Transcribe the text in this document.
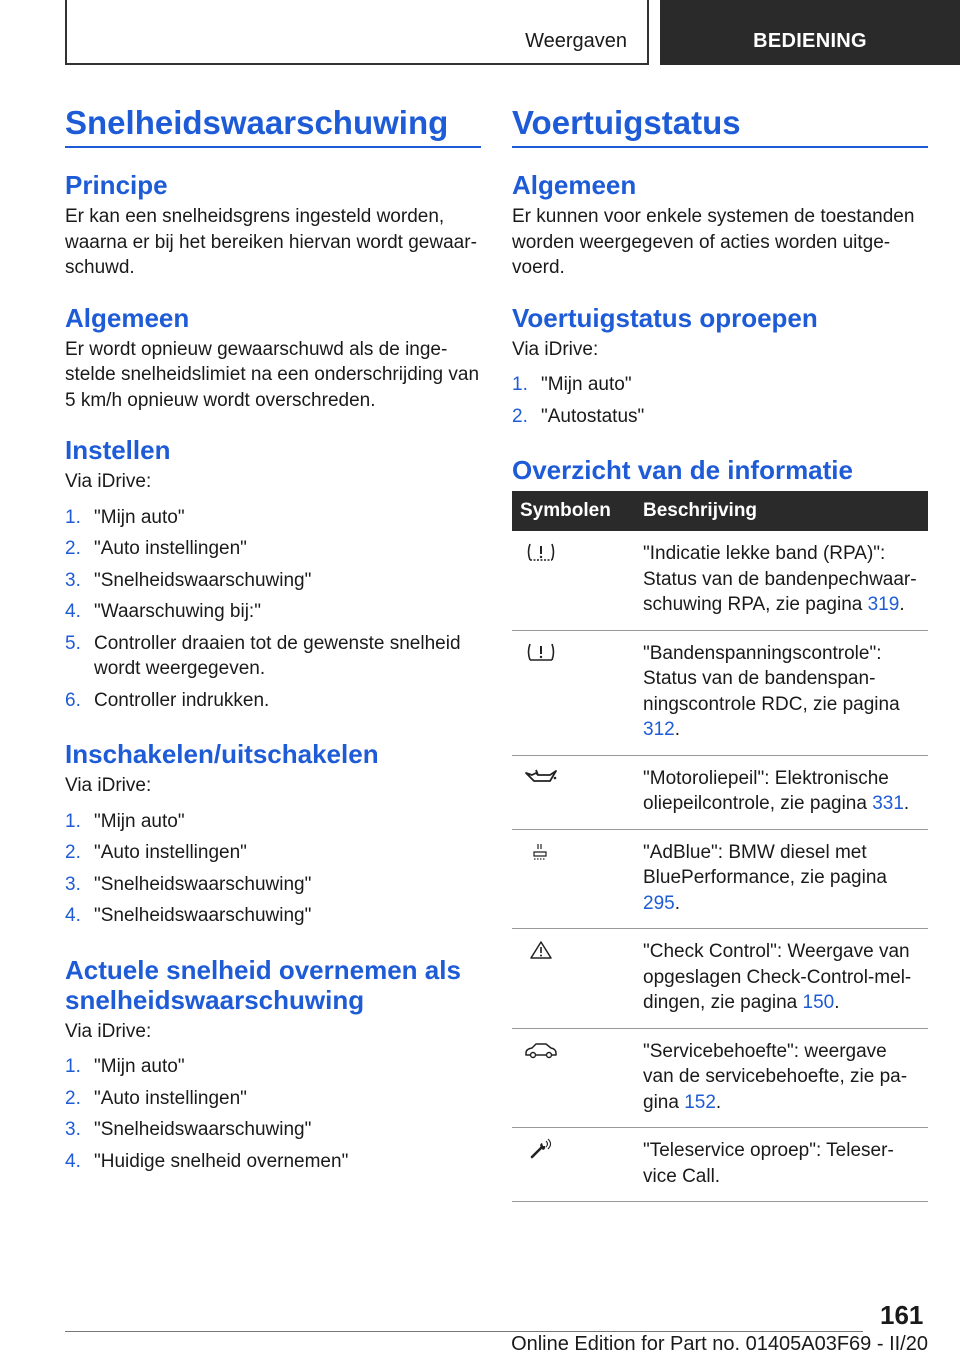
Weergaven	BEDIENING
Snelheidswaarschuwing
Principe

Er kan een snelheidsgrens ingesteld worden, waarna er bij het bereiken hiervan wordt gewaarschuwd.

Algemeen

Er wordt opnieuw gewaarschuwd als de ingestelde snelheidslimiet na een onderschrijding van 5 km/h opnieuw wordt overschreden.

Instellen

Via iDrive:

1. "Mijn auto"
2. "Auto instellingen"
3. "Snelheidswaarschuwing"
4. "Waarschuwing bij:"
5. Controller draaien tot de gewenste snelheid wordt weergegeven.
6. Controller indrukken.
Inschakelen/uitschakelen

Via iDrive:

1. "Mijn auto"
2. "Auto instellingen"
3. "Snelheidswaarschuwing"
4. "Snelheidswaarschuwing"
Actuele snelheid overnemen als snelheidswaarschuwing

Via iDrive:

1. "Mijn auto"
2. "Auto instellingen"
3. "Snelheidswaarschuwing"
4. "Huidige snelheid overnemen"
Voertuigstatus
Algemeen

Er kunnen voor enkele systemen de toestanden worden weergegeven of acties worden uitgevoerd.

Voertuigstatus oproepen

Via iDrive:

1. "Mijn auto"
2. "Autostatus"
Overzicht van de informatie
Symbolen	Beschrijving
	"Indicatie lekke band (RPA)": Status van de bandenpechwaarschuwing RPA, zie pagina 319.
	"Bandenspanningscontrole": Status van de bandenspanningscontrole RDC, zie pagina 312.
	"Motoroliepeil": Elektronische oliepeilcontrole, zie pagina 331.
	"AdBlue": BMW diesel met BluePerformance, zie pagina 295.
	"Check Control": Weergave van opgeslagen Check-Control-meldingen, zie pagina 150.
	"Servicebehoefte": weergave van de servicebehoefte, zie pagina 152.
	"Teleservice oproep": Teleservice Call.
161
Online Edition for Part no. 01405A03F69 - II/20
